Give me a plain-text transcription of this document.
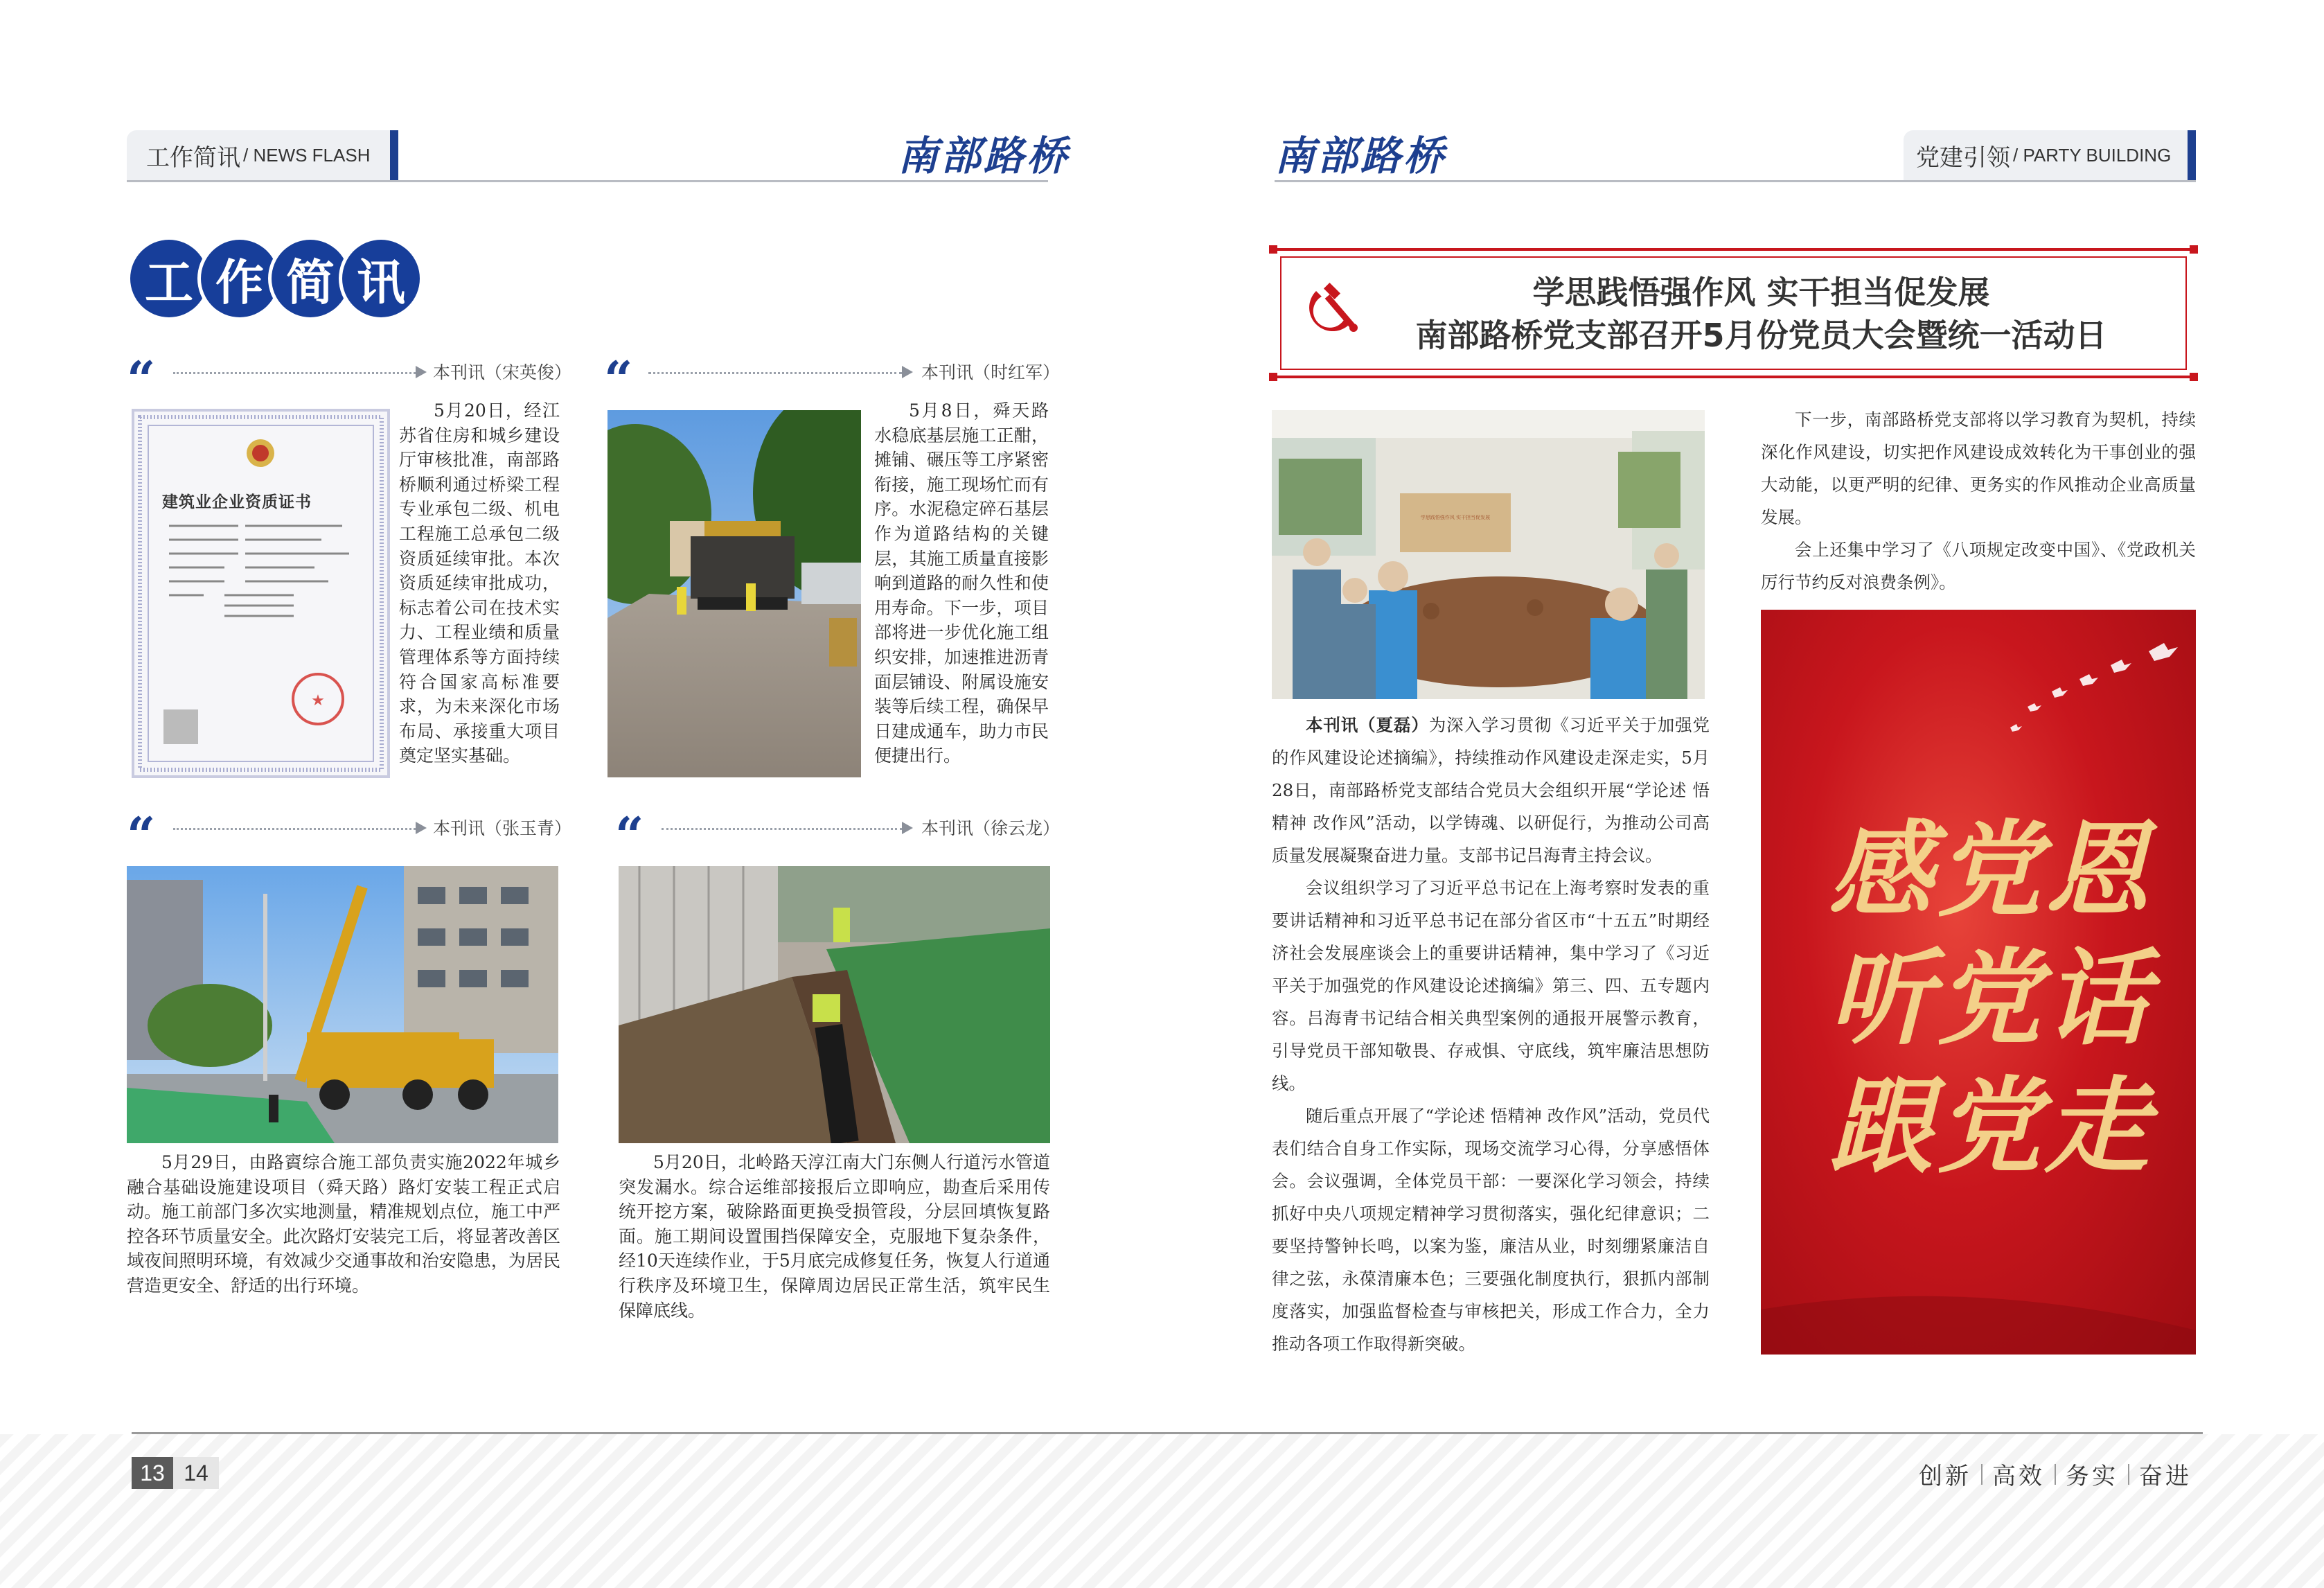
工作简讯 / NEWS FLASH	南部路桥	南部路桥	党建引领 / PARTY BUILDING
工 作 简 讯
“	本刊讯（宋英俊）
★
建筑业企业资质证书
5月20日，经江苏省住房和城乡建设厅审核批准，南部路桥顺利通过桥梁工程专业承包二级、机电工程施工总承包二级资质延续审批。本次资质延续审批成功，标志着公司在技术实力、工程业绩和质量管理体系等方面持续符合国家高标准要求，为未来深化市场布局、承接重大项目奠定坚实基础。
“	本刊讯（时红军）
5月8日，舜天路水稳底基层施工正酣，摊铺、碾压等工序紧密衔接，施工现场忙而有序。水泥稳定碎石基层作为道路结构的关键层，其施工质量直接影响到道路的耐久性和使用寿命。下一步，项目部将进一步优化施工组织安排，加速推进沥青面层铺设、附属设施安装等后续工程，确保早日建成通车，助力市民便捷出行。
“	本刊讯（张玉青）
5月29日，由路賨综合施工部负责实施2022年城乡融合基础设施建设项目（舜天路）路灯安装工程正式启动。施工前部门多次实地测量，精准规划点位，施工中严控各环节质量安全。此次路灯安装完工后，将显著改善区域夜间照明环境，有效减少交通事故和治安隐患，为居民营造更安全、舒适的出行环境。
“	本刊讯（徐云龙）
5月20日，北岭路天淳江南大门东侧人行道污水管道突发漏水。综合运维部接报后立即响应，勘查后采用传统开挖方案，破除路面更换受损管段，分层回填恢复路面。施工期间设置围挡保障安全，克服地下复杂条件，经10天连续作业，于5月底完成修复任务，恢复人行道通行秩序及环境卫生，保障周边居民正常生活，筑牢民生保障底线。
学思践悟强作风 实干担当促发展
南部路桥党支部召开5月份党员大会暨统一活动日
学思践悟强作风 实干担当促发展
本刊讯（夏磊）为深入学习贯彻《习近平关于加强党的作风建设论述摘编》，持续推动作风建设走深走实，5月28日，南部路桥党支部结合党员大会组织开展“学论述 悟精神 改作风”活动，以学铸魂、以研促行，为推动公司高质量发展凝聚奋进力量。支部书记吕海青主持会议。
会议组织学习了习近平总书记在上海考察时发表的重要讲话精神和习近平总书记在部分省区市“十五五”时期经济社会发展座谈会上的重要讲话精神，集中学习了《习近平关于加强党的作风建设论述摘编》第三、四、五专题内容。吕海青书记结合相关典型案例的通报开展警示教育，引导党员干部知敬畏、存戒惧、守底线，筑牢廉洁思想防线。
随后重点开展了“学论述 悟精神 改作风”活动，党员代表们结合自身工作实际，现场交流学习心得，分享感悟体会。会议强调，全体党员干部：一要深化学习领会，持续抓好中央八项规定精神学习贯彻落实，强化纪律意识；二要坚持警钟长鸣，以案为鉴，廉洁从业，时刻绷紧廉洁自律之弦，永葆清廉本色；三要强化制度执行，狠抓内部制度落实，加强监督检查与审核把关，形成工作合力，全力推动各项工作取得新突破。
下一步，南部路桥党支部将以学习教育为契机，持续深化作风建设，切实把作风建设成效转化为干事创业的强大动能，以更严明的纪律、更务实的作风推动企业高质量发展。
会上还集中学习了《八项规定改变中国》、《党政机关厉行节约反对浪费条例》。
感党恩
听党话
跟党走
13 14	创新 高效 务实 奋进
